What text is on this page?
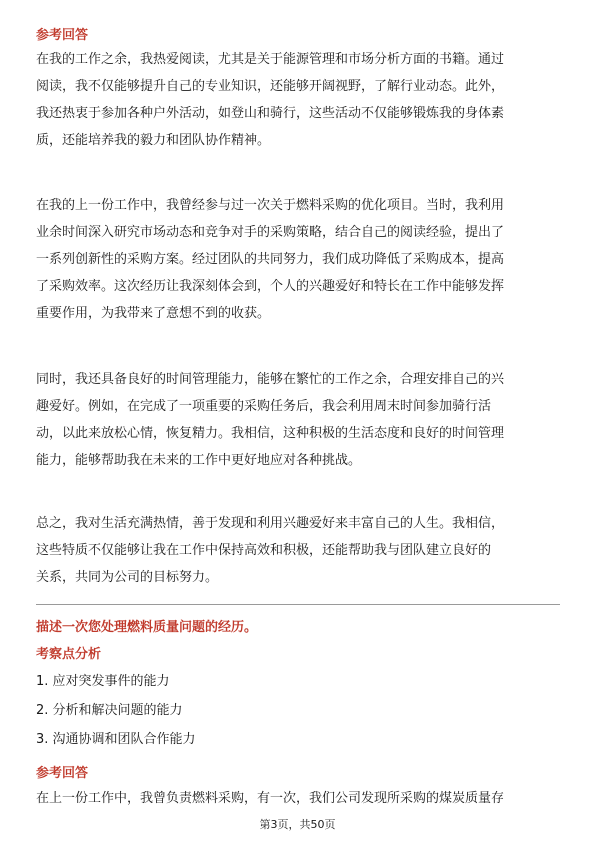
参考回答
在我的工作之余，我热爱阅读，尤其是关于能源管理和市场分析方面的书籍。通过
阅读，我不仅能够提升自己的专业知识，还能够开阔视野，了解行业动态。此外，
我还热衷于参加各种户外活动，如登山和骑行，这些活动不仅能够锻炼我的身体素
质，还能培养我的毅力和团队协作精神。
在我的上一份工作中，我曾经参与过一次关于燃料采购的优化项目。当时，我利用
业余时间深入研究市场动态和竞争对手的采购策略，结合自己的阅读经验，提出了
一系列创新性的采购方案。经过团队的共同努力，我们成功降低了采购成本，提高
了采购效率。这次经历让我深刻体会到，个人的兴趣爱好和特长在工作中能够发挥
重要作用，为我带来了意想不到的收获。
同时，我还具备良好的时间管理能力，能够在繁忙的工作之余，合理安排自己的兴
趣爱好。例如，在完成了一项重要的采购任务后，我会利用周末时间参加骑行活
动，以此来放松心情，恢复精力。我相信，这种积极的生活态度和良好的时间管理
能力，能够帮助我在未来的工作中更好地应对各种挑战。
总之，我对生活充满热情，善于发现和利用兴趣爱好来丰富自己的人生。我相信，
这些特质不仅能够让我在工作中保持高效和积极，还能帮助我与团队建立良好的
关系，共同为公司的目标努力。
描述一次您处理燃料质量问题的经历。
考察点分析
1. 应对突发事件的能力
2. 分析和解决问题的能力
3. 沟通协调和团队合作能力
参考回答
在上一份工作中，我曾负责燃料采购，有一次，我们公司发现所采购的煤炭质量存
第3页，共50页
